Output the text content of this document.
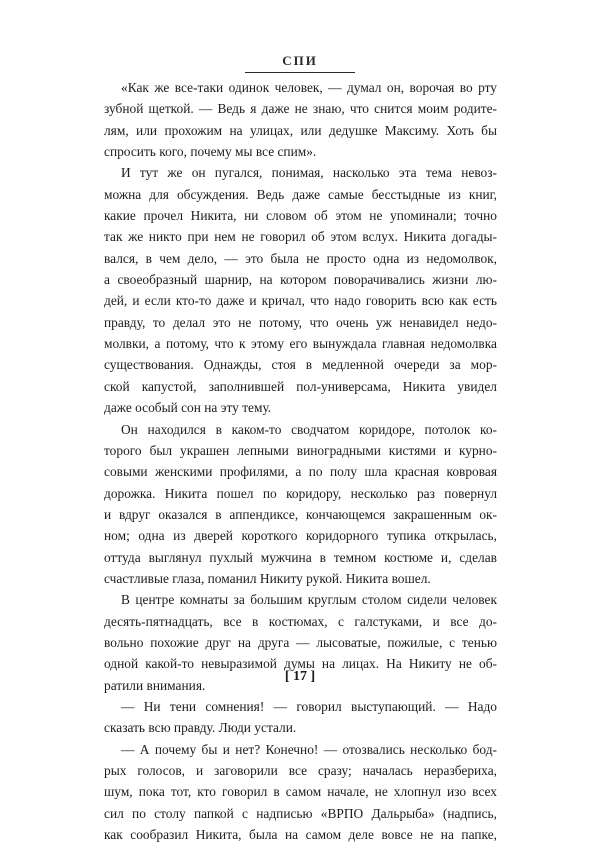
СПИ
«Как же все-таки одинок человек, — думал он, ворочая во рту
зубной щеткой. — Ведь я даже не знаю, что снится моим родите-
лям, или прохожим на улицах, или дедушке Максиму. Хоть бы
спросить кого, почему мы все спим».
И тут же он пугался, понимая, насколько эта тема невоз-
можна для обсуждения. Ведь даже самые бесстыдные из книг,
какие прочел Никита, ни словом об этом не упоминали; точно
так же никто при нем не говорил об этом вслух. Никита догады-
вался, в чем дело, — это была не просто одна из недомолвок,
а своеобразный шарнир, на котором поворачивались жизни лю-
дей, и если кто-то даже и кричал, что надо говорить всю как есть
правду, то делал это не потому, что очень уж ненавидел недо-
молвки, а потому, что к этому его вынуждала главная недомолвка
существования. Однажды, стоя в медленной очереди за мор-
ской капустой, заполнившей пол-универсама, Никита увидел
даже особый сон на эту тему.
Он находился в каком-то сводчатом коридоре, потолок ко-
торого был украшен лепными виноградными кистями и курно-
совыми женскими профилями, а по полу шла красная ковровая
дорожка. Никита пошел по коридору, несколько раз повернул
и вдруг оказался в аппендиксе, кончающемся закрашенным ок-
ном; одна из дверей короткого коридорного тупика открылась,
оттуда выглянул пухлый мужчина в темном костюме и, сделав
счастливые глаза, поманил Никиту рукой. Никита вошел.
В центре комнаты за большим круглым столом сидели человек
десять-пятнадцать, все в костюмах, с галстуками, и все до-
вольно похожие друг на друга — лысоватые, пожилые, с тенью
одной какой-то невыразимой думы на лицах. На Никиту не об-
ратили внимания.
— Ни тени сомнения! — говорил выступающий. — Надо
сказать всю правду. Люди устали.
— А почему бы и нет? Конечно! — отозвались несколько бод-
рых голосов, и заговорили все сразу; началась неразбериха,
шум, пока тот, кто говорил в самом начале, не хлопнул изо всех
сил по столу папкой с надписью «ВРПО Дальрыба» (надпись,
как сообразил Никита, была на самом деле вовсе не на папке,
[ 17 ]
